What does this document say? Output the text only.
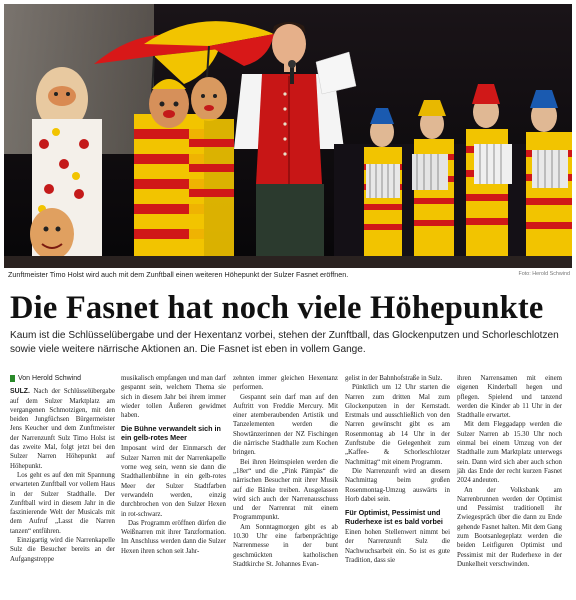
Zunftmeister Timo Holst wird auch mit dem Zunftball einen weiteren Höhepunkt der Sulzer Fasnet eröffnen.	Foto: Herold Schwind
Die Fasnet hat noch viele Höhepunkte
Kaum ist die Schlüsselübergabe und der Hexentanz vorbei, stehen der Zunftball, das Glockenputzen und Schorleschlotzen sowie viele weitere närrische Aktionen an. Die Fasnet ist eben in vollem Gange.
Von Herold Schwind

SULZ. Nach der Schlüsselübergabe auf dem Sulzer Marktplatz am vergangenen Schmotzigen, mit den beiden Jungfüchsen Bürgermeister Jens Keucher und dem Zunftmeister der Narrenzunft Sulz Timo Holst ist das zweite Mal, folgt jetzt bei den Sulzer Narren Höhepunkt auf Höhepunkt.

Los geht es auf den mit Spannung erwarteten Zunftball vor vollem Haus in der Sulzer Stadthalle. Der Zunftball wird in diesem Jahr in die faszinierende Welt der Musicals mit dem Aufruf „Lasst die Narren tanzen“ entführen.

Einzigartig wird die Narrenkapelle Sulz die Besucher bereits an der Aufgangstreppe

musikalisch empfangen und man darf gespannt sein, welchem Thema sie sich in diesem Jahr bei ihrem immer wieder tollen Äußeren gewidmet haben.

Die Bühne verwandelt sich in ein gelb-rotes Meer

Imposant wird der Einmarsch der Sulzer Narren mit der Narrenkapelle vorne weg sein, wenn sie dann die Stadthallenbühne in ein gelb-rotes Meer der Sulzer Stadtfarben verwandeln werden, einzig durchbrochen von den Sulzer Hexen in rot-schwarz.

Das Programm eröffnen dürfen die Weißnarren mit ihrer Tanzformation. Im Anschluss werden dann die Sulzer Hexen ihren schon seit Jahr-

zehnten immer gleichen Hexentanz performen.

Gespannt sein darf man auf den Auftritt von Freddie Mercury. Mit einer atemberaubenden Artistik und Tanzelementen werden die Showtänzerinnen der NZ Fischingen die närrische Stadthalle zum Kochen bringen.

Bei ihren Heimspielen werden die „18er“ und die „Pink Pämpäs“ die närrischen Besucher mit ihrer Musik auf die Bänke treiben. Ausgelassen wird sich auch der Narrenausschuss und der Narrenrat mit einem Programmpunkt.

Am Sonntagmorgen gibt es ab 10.30 Uhr eine farbenprächtige Narrenmesse in der bunt geschmückten katholischen Stadtkirche St. Johannes Evan-

gelist in der Bahnhofstraße in Sulz.

Pünktlich um 12 Uhr starten die Narren zum dritten Mal zum Glockenputzen in der Kernstadt. Erstmals und ausschließlich von den Narren gewünscht gibt es am Rosenmontag ab 14 Uhr in der Zunftstube die Gelegenheit zum „Kaffee- & Schorleschlotzer Nachmittag“ mit einem Programm.

Die Narrenzunft wird an diesem Nachmittag beim großen Rosenmontag-Umzug auswärts in Horb dabei sein.

Für Optimist, Pessimist und Ruderhexe ist es bald vorbei

Einen hohen Stellenwert nimmt bei der Narrenzunft Sulz die Nachwuchsarbeit ein. So ist es gute Tradition, dass sie

ihren Narrensamen mit einem eigenen Kinderball hegen und pflegen. Spielend und tanzend werden die Kinder ab 11 Uhr in der Stadthalle erwartet.

Mit dem Fleggadapp werden die Sulzer Narren ab 15.30 Uhr noch einmal bei einem Umzug von der Stadthalle zum Marktplatz unterwegs sein. Dann wird sich aber auch schon jäh das Ende der recht kurzen Fasnet 2024 andeuten.

An der Volksbank am Narrenbrunnen werden der Optimist und Pessimist traditionell ihr Zwiegespräch über die dann zu Ende gehende Fasnet halten. Mit dem Gang zum Bootsanlegeplatz werden die beiden Leitfiguren Optimist und Pessimist mit der Ruderhexe in der Dunkelheit verschwinden.
